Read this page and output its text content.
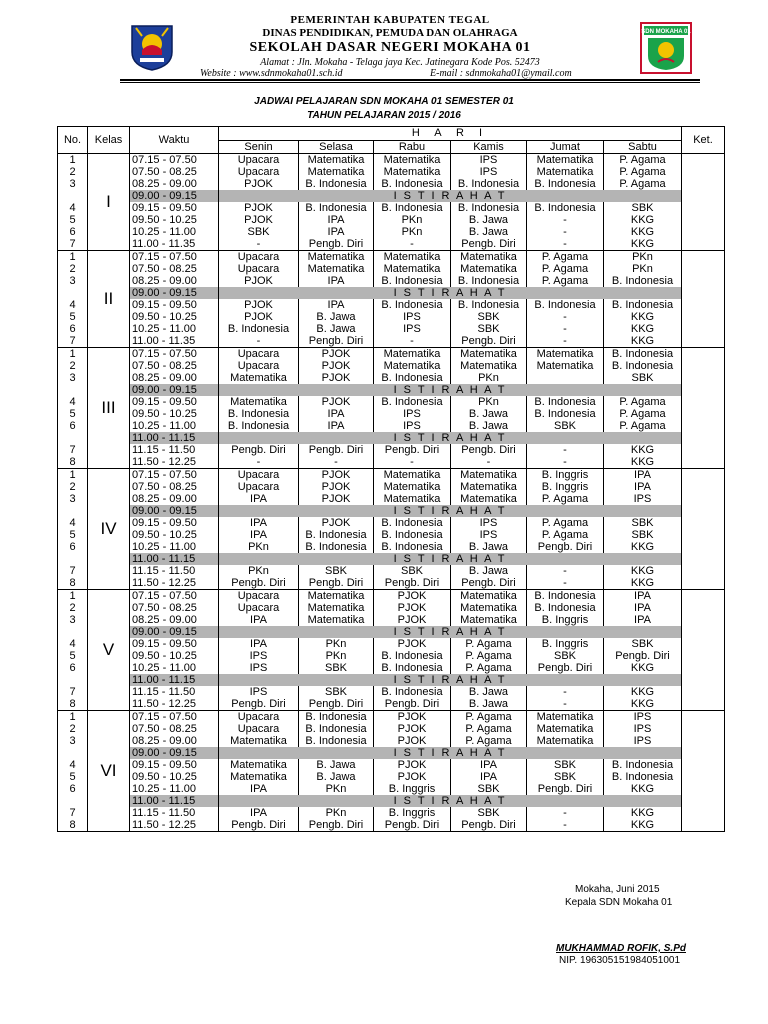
PEMERINTAH KABUPATEN TEGAL
DINAS PENDIDIKAN, PEMUDA DAN OLAHRAGA
SEKOLAH DASAR NEGERI MOKAHA 01
Alamat : Jln. Mokaha - Telaga jaya Kec. Jatinegara Kode Pos. 52473
Website : www.sdnmokaha01.sch.id	E-mail : sdnmokaha01@ymail.com
SDN MOKAHA 01
JADWAI PELAJARAN SDN MOKAHA 01 SEMESTER 01
TAHUN PELAJARAN 2015 / 2016
No.	Kelas	Waktu	H A R I						Ket.
			Senin	Selasa	Rabu	Kamis	Jumat	Sabtu	
1	I	07.15 - 07.50	Upacara	Matematika	Matematika	IPS	Matematika	P. Agama	
2		07.50 - 08.25	Upacara	Matematika	Matematika	IPS	Matematika	P. Agama	
3		08.25 - 09.00	PJOK	B. Indonesia	B. Indonesia	B. Indonesia	B. Indonesia	P. Agama	
		09.00 - 09.15	I S T I R A H A T						
4		09.15 - 09.50	PJOK	B. Indonesia	B. Indonesia	B. Indonesia	B. Indonesia	SBK	
5		09.50 - 10.25	PJOK	IPA	PKn	B. Jawa	-	KKG	
6		10.25 - 11.00	SBK	IPA	PKn	B. Jawa	-	KKG	
7		11.00 - 11.35	-	Pengb. Diri	-	Pengb. Diri	-	KKG	
1	II	07.15 - 07.50	Upacara	Matematika	Matematika	Matematika	P. Agama	PKn	
2		07.50 - 08.25	Upacara	Matematika	Matematika	Matematika	P. Agama	PKn	
3		08.25 - 09.00	PJOK	IPA	B. Indonesia	B. Indonesia	P. Agama	B. Indonesia	
		09.00 - 09.15	I S T I R A H A T						
4		09.15 - 09.50	PJOK	IPA	B. Indonesia	B. Indonesia	B. Indonesia	B. Indonesia	
5		09.50 - 10.25	PJOK	B. Jawa	IPS	SBK	-	KKG	
6		10.25 - 11.00	B. Indonesia	B. Jawa	IPS	SBK	-	KKG	
7		11.00 - 11.35	-	Pengb. Diri	-	Pengb. Diri	-	KKG	
1	III	07.15 - 07.50	Upacara	PJOK	Matematika	Matematika	Matematika	B. Indonesia	
2		07.50 - 08.25	Upacara	PJOK	Matematika	Matematika	Matematika	B. Indonesia	
3		08.25 - 09.00	Matematika	PJOK	B. Indonesia	PKn		SBK	
		09.00 - 09.15	I S T I R A H A T						
4		09.15 - 09.50	Matematika	PJOK	B. Indonesia	PKn	B. Indonesia	P. Agama	
5		09.50 - 10.25	B. Indonesia	IPA	IPS	B. Jawa	B. Indonesia	P. Agama	
6		10.25 - 11.00	B. Indonesia	IPA	IPS	B. Jawa	SBK	P. Agama	
		11.00 - 11.15	I S T I R A H A T						
7		11.15 - 11.50	Pengb. Diri	Pengb. Diri	Pengb. Diri	Pengb. Diri	-	KKG	
8		11.50 - 12.25	-	-	-	-	-	KKG	
1	IV	07.15 - 07.50	Upacara	PJOK	Matematika	Matematika	B. Inggris	IPA	
2		07.50 - 08.25	Upacara	PJOK	Matematika	Matematika	B. Inggris	IPA	
3		08.25 - 09.00	IPA	PJOK	Matematika	Matematika	P. Agama	IPS	
		09.00 - 09.15	I S T I R A H A T						
4		09.15 - 09.50	IPA	PJOK	B. Indonesia	IPS	P. Agama	SBK	
5		09.50 - 10.25	IPA	B. Indonesia	B. Indonesia	IPS	P. Agama	SBK	
6		10.25 - 11.00	PKn	B. Indonesia	B. Indonesia	B. Jawa	Pengb. Diri	KKG	
		11.00 - 11.15	I S T I R A H A T						
7		11.15 - 11.50	PKn	SBK	SBK	B. Jawa	-	KKG	
8		11.50 - 12.25	Pengb. Diri	Pengb. Diri	Pengb. Diri	Pengb. Diri	-	KKG	
1	V	07.15 - 07.50	Upacara	Matematika	PJOK	Matematika	B. Indonesia	IPA	
2		07.50 - 08.25	Upacara	Matematika	PJOK	Matematika	B. Indonesia	IPA	
3		08.25 - 09.00	IPA	Matematika	PJOK	Matematika	B. Inggris	IPA	
		09.00 - 09.15	I S T I R A H A T						
4		09.15 - 09.50	IPA	PKn	PJOK	P. Agama	B. Inggris	SBK	
5		09.50 - 10.25	IPS	PKn	B. Indonesia	P. Agama	SBK	Pengb. Diri	
6		10.25 - 11.00	IPS	SBK	B. Indonesia	P. Agama	Pengb. Diri	KKG	
		11.00 - 11.15	I S T I R A H A T						
7		11.15 - 11.50	IPS	SBK	B. Indonesia	B. Jawa	-	KKG	
8		11.50 - 12.25	Pengb. Diri	Pengb. Diri	Pengb. Diri	B. Jawa	-	KKG	
1	VI	07.15 - 07.50	Upacara	B. Indonesia	PJOK	P. Agama	Matematika	IPS	
2		07.50 - 08.25	Upacara	B. Indonesia	PJOK	P. Agama	Matematika	IPS	
3		08.25 - 09.00	Matematika	B. Indonesia	PJOK	P. Agama	Matematika	IPS	
		09.00 - 09.15	I S T I R A H A T						
4		09.15 - 09.50	Matematika	B. Jawa	PJOK	IPA	SBK	B. Indonesia	
5		09.50 - 10.25	Matematika	B. Jawa	PJOK	IPA	SBK	B. Indonesia	
6		10.25 - 11.00	IPA	PKn	B. Inggris	SBK	Pengb. Diri	KKG	
		11.00 - 11.15	I S T I R A H A T						
7		11.15 - 11.50	IPA	PKn	B. Inggris	SBK	-	KKG	
8		11.50 - 12.25	Pengb. Diri	Pengb. Diri	Pengb. Diri	Pengb. Diri	-	KKG	
Mokaha, Juni 2015
Kepala SDN Mokaha 01
MUKHAMMAD ROFIK, S.Pd
NIP. 196305151984051001
